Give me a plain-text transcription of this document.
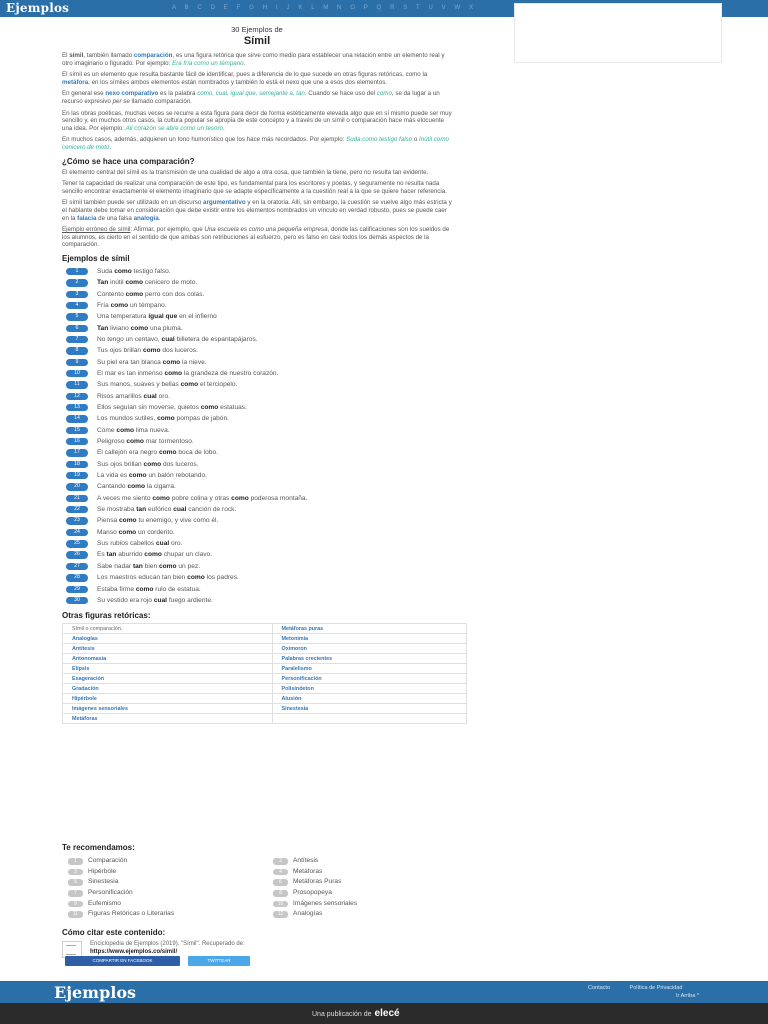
Ejemplos	A B C D E F G H I J K L M N O P Q R S T U V W X
30 Ejemplos de
Símil

El símil, también llamado comparación, es una figura retórica que sirve como medio para establecer una relación entre un elemento real y otro imaginario o figurado. Por ejemplo: Era fría como un témpano.

El símil es un elemento que resulta bastante fácil de identificar, pues a diferencia de lo que sucede en otras figuras retóricas, como la metáfora, en los símiles ambos elementos están nombrados y también lo está el nexo que une a esos dos elementos.

En general ese nexo comparativo es la palabra como, cual, igual que, semejante a, tan. Cuando se hace uso del como, se da lugar a un recurso expresivo per se llamado comparación.

En las obras poéticas, muchas veces se recurre a esta figura para decir de forma estéticamente elevada algo que en sí mismo puede ser muy sencillo y, en muchos otros casos, la cultura popular se apropia de este concepto y a través de un símil o comparación hace más elocuente una idea. Por ejemplo: Ali corazón se abre como un tesoro.

En muchos casos, además, adquieren un tono humorístico que los hace más recordados. Por ejemplo: Suda como testigo falso o Inútil como cenicero de moto.

¿Cómo se hace una comparación?

El elemento central del símil es la transmisión de una cualidad de algo a otra cosa, que también la tiene, pero no resulta tan evidente.

Tener la capacidad de realizar una comparación de este tipo, es fundamental para los escritores y poetas, y seguramente no resulta nada sencillo encontrar exactamente el elemento imaginario que se adapte específicamente a la cuestión real a la que se quiere hacer referencia.

El símil también puede ser utilizado en un discurso argumentativo y en la oratoria. Allí, sin embargo, la cuestión se vuelve algo más estricta y el hablante debe tomar en consideración que debe existir entre los elementos nombrados un vínculo en verdad robusto, pues se puede caer en la falacia de una falsa analogía.

Ejemplo erróneo de símil: Afirmar, por ejemplo, que Una escuela es como una pequeña empresa, donde las calificaciones son los sueldos de los alumnos, es cierto en el sentido de que ambas son retribuciones al esfuerzo, pero es falso en casi todos los demás aspectos de la comparación.

Ejemplos de símil
1	Suda como testigo falso.
2	Tan inútil como cenicero de moto.
3	Contento como perro con dos colas.
4	Fría como un témpano.
5	Una temperatura igual que en el infierno
6	Tan liviano como una pluma.
7	No tengo un centavo, cual billetera de espantapájaros.
8	Tus ojos brillan como dos luceros.
9	Su piel era tan blanca como la nieve.
10	El mar es tan inmenso como la grandeza de nuestro corazón.
11	Sus manos, suaves y bellas como el terciopelo.
12	Risos amarillos cual oro.
13	Ellos seguían sin moverse, quietos como estatuas.
14	Los mundos sutiles, como pompas de jabón.
15	Come como lima nueva.
16	Peligroso como mar tormentoso.
17	El callejón era negro como boca de lobo.
18	Sus ojos brillan como dos luceros.
19	La vida es como un balón rebotando.
20	Cantando como la cigarra.
21	A veces me siento como pobre colina y otras como poderosa montaña.
22	Se mostraba tan eufórico cual canción de rock.
23	Piensa como tu enemigo, y vive como él.
24	Manso como un corderito.
25	Sus rubios cabellos cual oro.
26	Es tan aburrido como chupar un clavo.
27	Sabe nadar tan bien como un pez.
28	Los maestros educan tan bien como los padres.
29	Estaba firme como rulo de estatua.
30	Su vestido era rojo cual fuego ardiente.
Otras figuras retóricas:
Símil o comparación.	Metáforas puras
Analogías	Metonimia
Antítesis	Oxímoron
Antonomasia	Palabras crecientes
Elipsis	Paralelismo
Exageración	Personificación
Gradación	Polisíndeton
Hipérbole	Alusión
Imágenes sensoriales	Sinestesia
Metáforas	
Te recomendamos:
1	Comparación	2	Antítesis
3	Hipérbole	4	Metáforas
5	Sinestesia	6	Metáforas Puras
7	Personificación	8	Prosopopeya
9	Eufemismo	10	Imágenes sensoriales
11	Figuras Retóricas o Literarias	12	Analogías
Cómo citar este contenido:
Enciclopedia de Ejemplos (2019). "Símil". Recuperado de:
https://www.ejemplos.co/simil/
COMPARTIR EN FACEBOOK	TWITTEAR
Ejemplos	Contacto	Política de Privacidad
Ir Arriba ^
Una publicación de elecé
